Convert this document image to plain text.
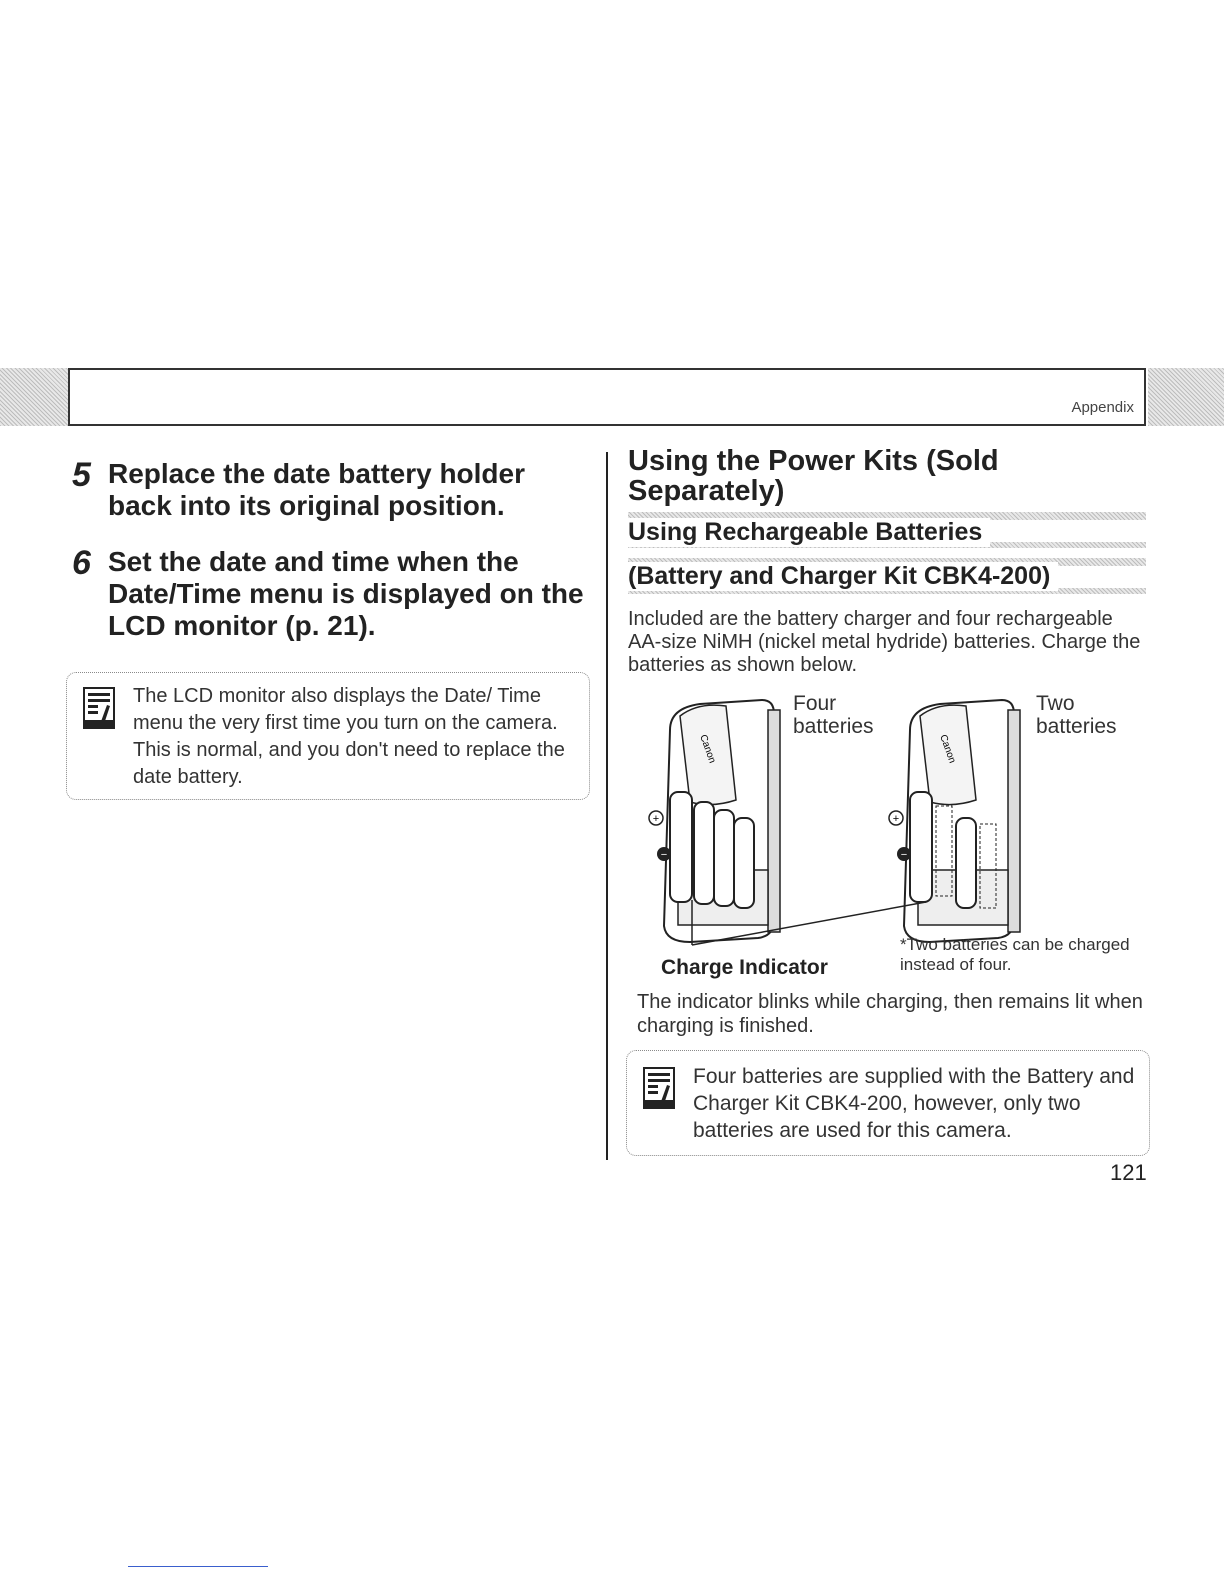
Appendix
5 Replace the date battery holder back into its original position.
6 Set the date and time when the Date/Time menu is displayed on the LCD monitor (p. 21).
The LCD monitor also displays the Date/ Time menu the very first time you turn on the camera. This is normal, and you don't need to replace the date battery.
Using the Power Kits (Sold Separately)
Using Rechargeable Batteries
(Battery and Charger Kit CBK4-200)
Included are the battery charger and four rechargeable AA-size NiMH (nickel metal hydride) batteries. Charge the batteries as shown below.
Canon
+
−
Canon
+
−
Four batteries
Two batteries
Charge Indicator
*Two batteries can be charged instead of four.
The indicator blinks while charging, then remains lit when charging is finished.
Four batteries are supplied with the Battery and Charger Kit CBK4-200, however, only two batteries are used for this camera.
121
